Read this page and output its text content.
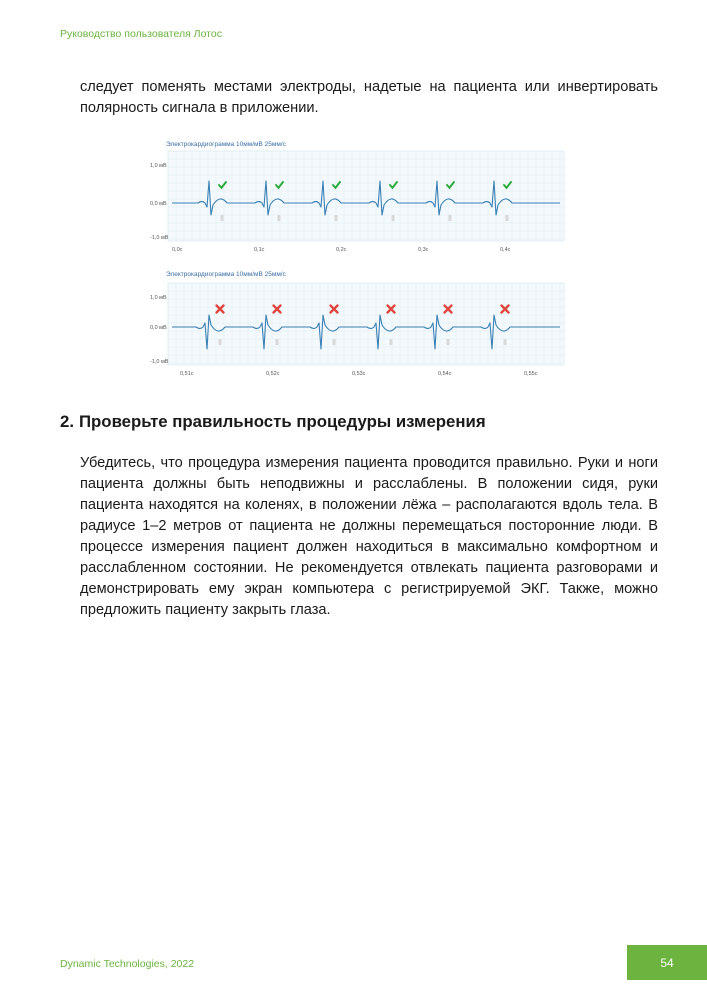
Руководство пользователя Лотос

следует поменять местами электроды, надетые на пациента или инвертировать полярность сигнала в приложении.

Электрокардиограмма 10мм/мВ 25мм/с
1,0 мВ
0,0 мВ
-1,0 мВ
0,0с	0,1с	0,2с	0,3с	0,4с
Электрокардиограмма 10мм/мВ 25мм/с
1,0 мВ
0,0 мВ
-1,0 мВ
0,51с	0,52с	0,53с	0,54с	0,55с
2. Проверьте правильность процедуры измерения

Убедитесь, что процедура измерения пациента проводится правильно. Руки и ноги пациента должны быть неподвижны и расслаблены. В положении сидя, руки пациента находятся на коленях, в положении лёжа – располагаются вдоль тела. В радиусе 1–2 метров от пациента не должны перемещаться посторонние люди. В процессе измерения пациент должен находиться в максимально комфортном и расслабленном состоянии. Не рекомендуется отвлекать пациента разговорами и демонстрировать ему экран компьютера с регистрируемой ЭКГ. Также, можно предложить пациенту закрыть глаза.

Dynamic Technologies, 2022	54
